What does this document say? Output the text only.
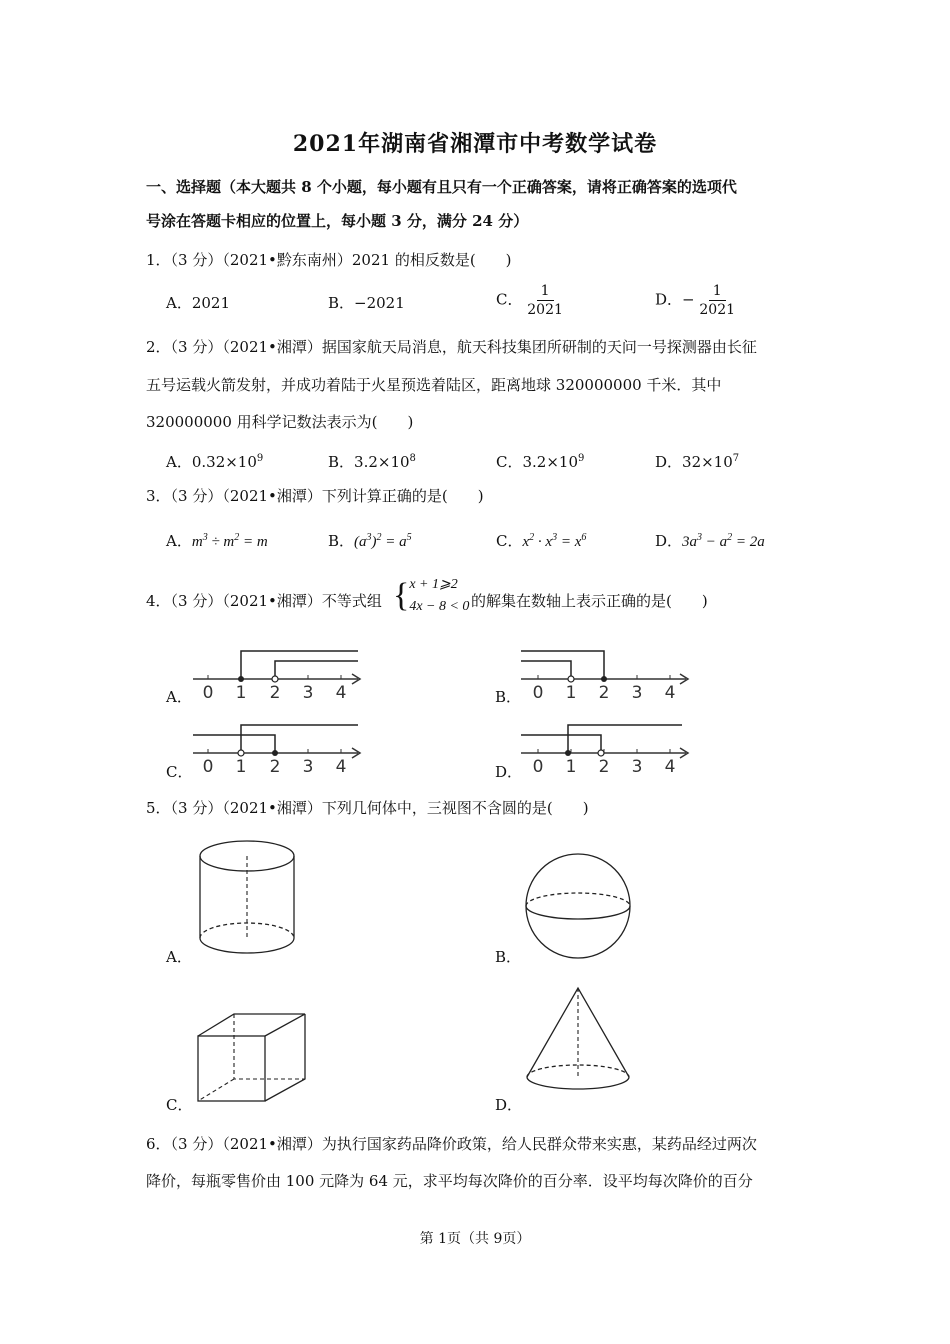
2021年湖南省湘潭市中考数学试卷
一、选择题（本大题共 8 个小题，每小题有且只有一个正确答案，请将正确答案的选项代
号涂在答题卡相应的位置上，每小题 3 分，满分 24 分）
1．（3 分）（2021•黔东南州）2021 的相反数是(　　)
A．2021	B．−2021	C． $\frac{1}{2021}$	D．− $\frac{1}{2021}$
2．（3 分）（2021•湘潭）据国家航天局消息，航天科技集团所研制的天问一号探测器由长征
五号运载火箭发射，并成功着陆于火星预选着陆区，距离地球 320000000 千米．其中
320000000 用科学记数法表示为(　　)
A．$0.32\times 10^9$	B．$3.2\times 10^8$	C．$3.2\times 10^9$	D．$32\times 10^7$
3．（3 分）（2021•湘潭）下列计算正确的是(　　)
A．$m^3 \div m^2 = m$	B．$(a^3)^2 = a^5$	C．$x^2 \cdot x^3 = x^6$	D．$3a^3 - a^2 = 2a$
4．（3 分）（2021•湘潭）不等式组 { x + 1⩾2
4x − 8 < 0 的解集在数轴上表示正确的是(　　)
A．	B．
C．	D．
0 1 2 3 4	0 1 2 3 4
0 1 2 3 4	0 1 2 3 4
5．（3 分）（2021•湘潭）下列几何体中，三视图不含圆的是(　　)
A．	B．
C．	D．
6．（3 分）（2021•湘潭）为执行国家药品降价政策，给人民群众带来实惠，某药品经过两次
降价，每瓶零售价由 100 元降为 64 元，求平均每次降价的百分率．设平均每次降价的百分
第 1页（共 9页）
